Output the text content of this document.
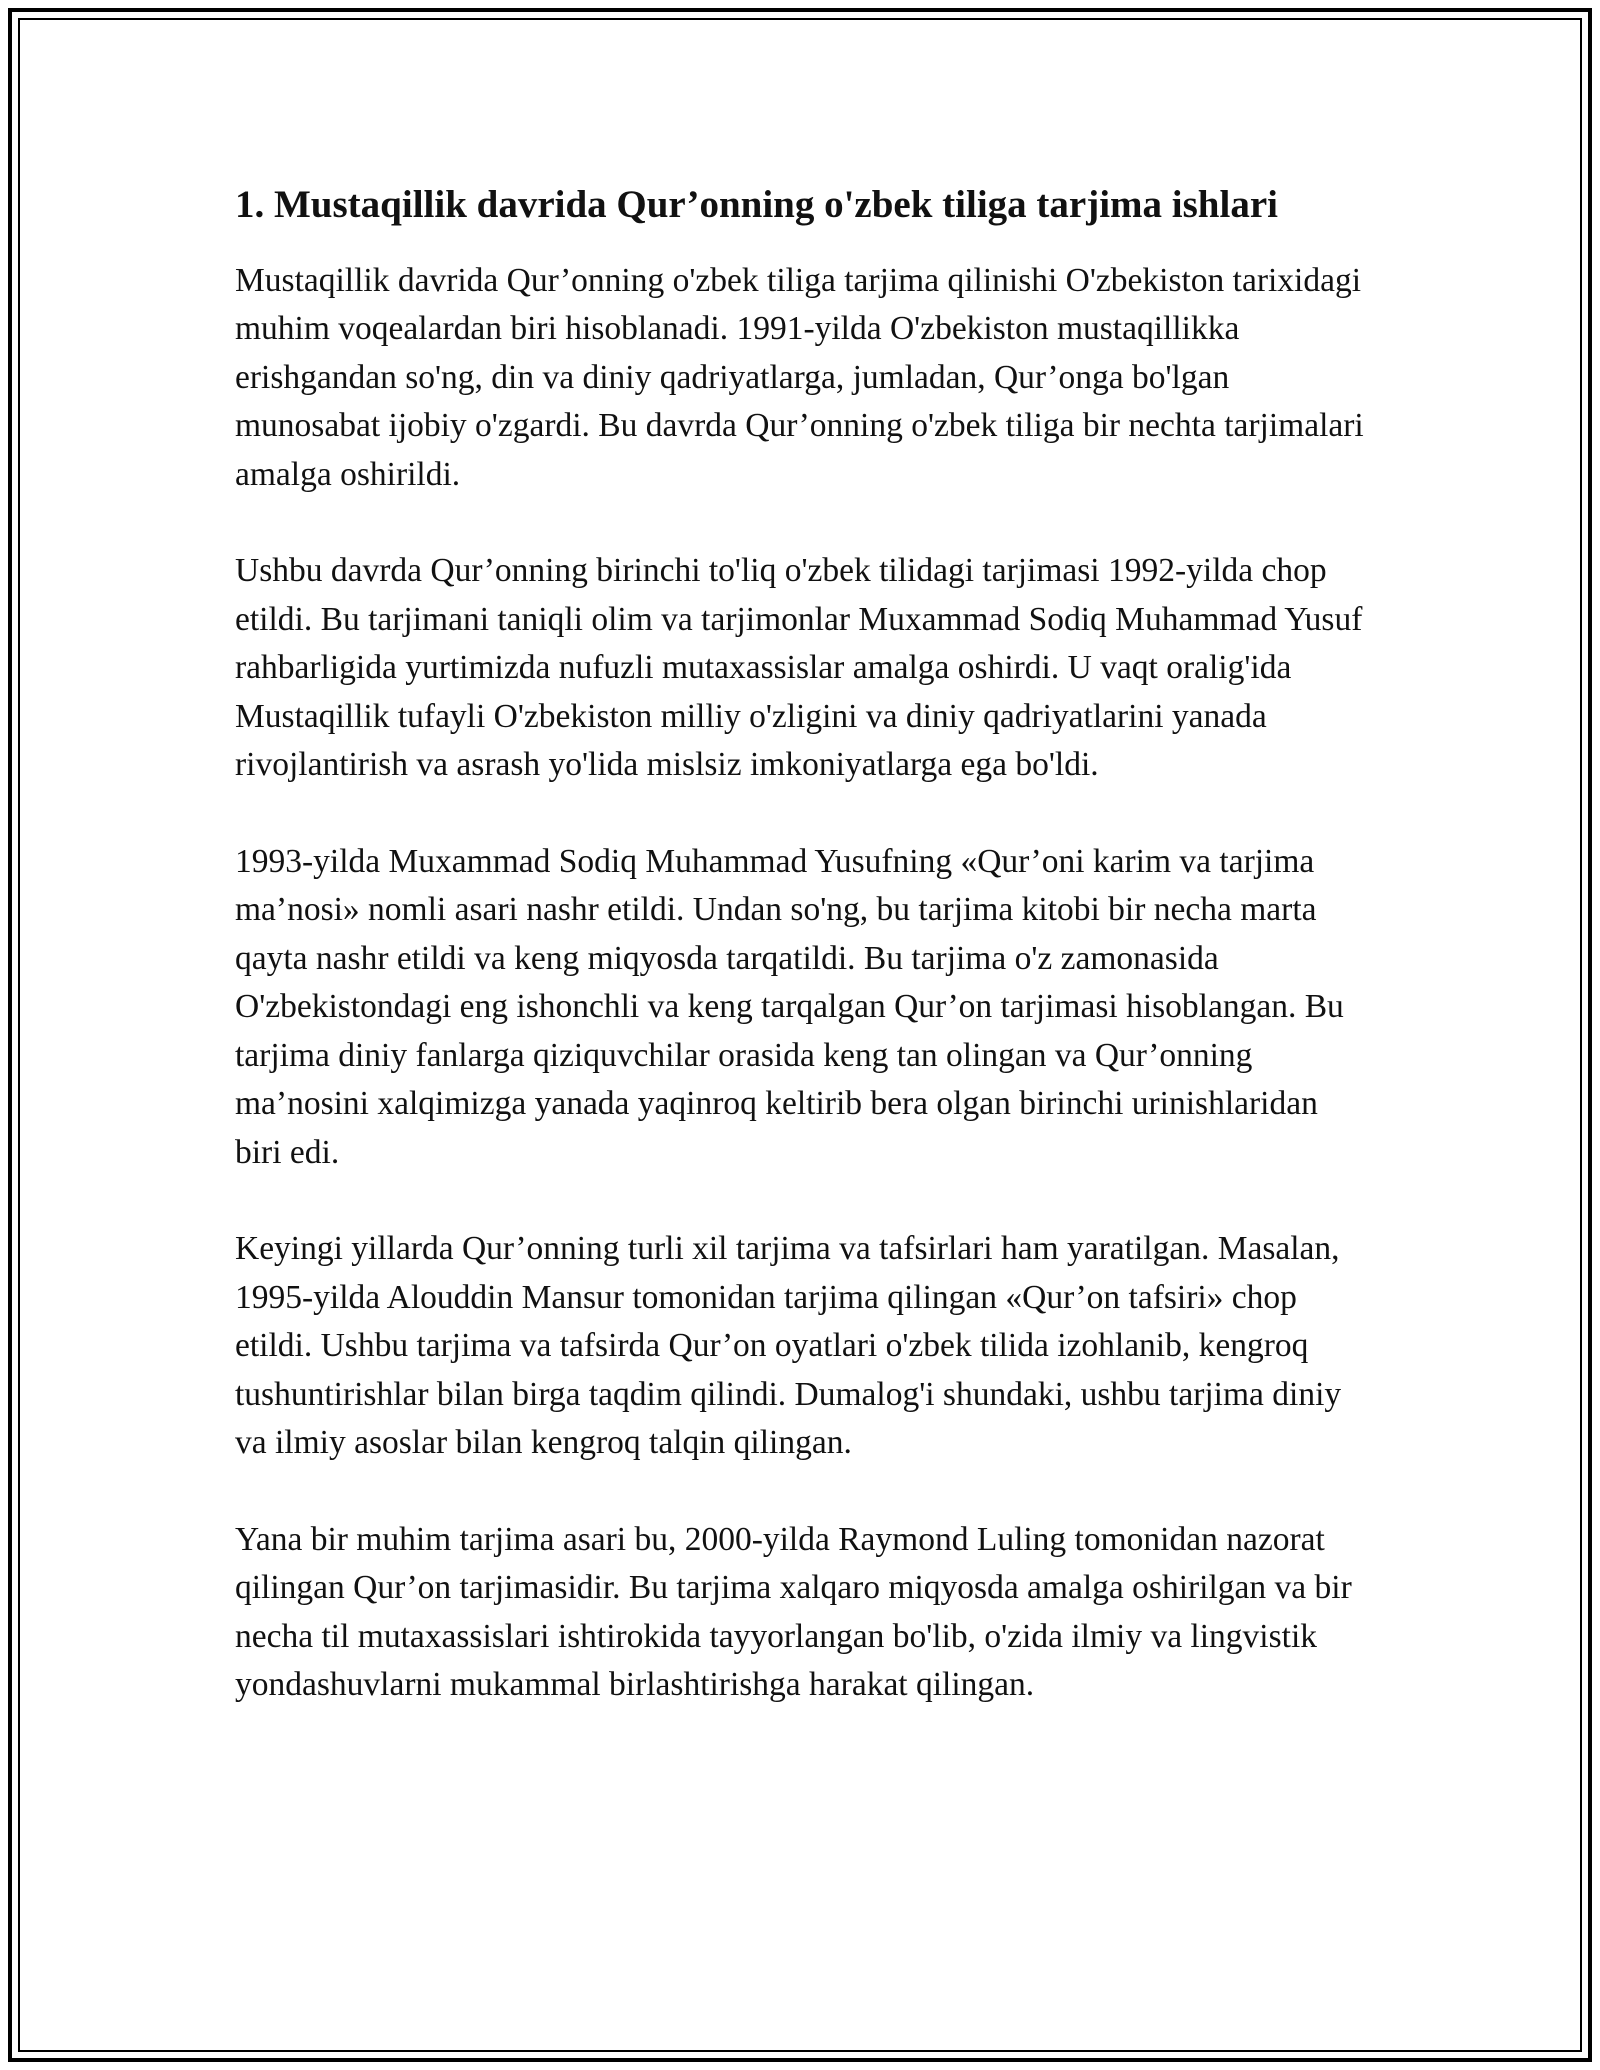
1. Mustaqillik davrida Qur’onning o'zbek tiliga tarjima ishlari

Mustaqillik davrida Qur’onning o'zbek tiliga tarjima qilinishi O'zbekiston tarixidagi muhim voqealardan biri hisoblanadi. 1991-yilda O'zbekiston mustaqillikka erishgandan so'ng, din va diniy qadriyatlarga, jumladan, Qur’onga bo'lgan munosabat ijobiy o'zgardi. Bu davrda Qur’onning o'zbek tiliga bir nechta tarjimalari amalga oshirildi.

Ushbu davrda Qur’onning birinchi to'liq o'zbek tilidagi tarjimasi 1992-yilda chop etildi. Bu tarjimani taniqli olim va tarjimonlar Muxammad Sodiq Muhammad Yusuf rahbarligida yurtimizda nufuzli mutaxassislar amalga oshirdi. U vaqt oralig'ida Mustaqillik tufayli O'zbekiston milliy o'zligini va diniy qadriyatlarini yanada rivojlantirish va asrash yo'lida mislsiz imkoniyatlarga ega bo'ldi.

1993-yilda Muxammad Sodiq Muhammad Yusufning «Qur’oni karim va tarjima ma’nosi» nomli asari nashr etildi. Undan so'ng, bu tarjima kitobi bir necha marta qayta nashr etildi va keng miqyosda tarqatildi. Bu tarjima o'z zamonasida O'zbekistondagi eng ishonchli va keng tarqalgan Qur’on tarjimasi hisoblangan. Bu tarjima diniy fanlarga qiziquvchilar orasida keng tan olingan va Qur’onning ma’nosini xalqimizga yanada yaqinroq keltirib bera olgan birinchi urinishlaridan biri edi.

Keyingi yillarda Qur’onning turli xil tarjima va tafsirlari ham yaratilgan. Masalan, 1995-yilda Alouddin Mansur tomonidan tarjima qilingan «Qur’on tafsiri» chop etildi. Ushbu tarjima va tafsirda Qur’on oyatlari o'zbek tilida izohlanib, kengroq tushuntirishlar bilan birga taqdim qilindi. Dumalog'i shundaki, ushbu tarjima diniy va ilmiy asoslar bilan kengroq talqin qilingan.

Yana bir muhim tarjima asari bu, 2000-yilda Raymond Luling tomonidan nazorat qilingan Qur’on tarjimasidir. Bu tarjima xalqaro miqyosda amalga oshirilgan va bir necha til mutaxassislari ishtirokida tayyorlangan bo'lib, o'zida ilmiy va lingvistik yondashuvlarni mukammal birlashtirishga harakat qilingan.
